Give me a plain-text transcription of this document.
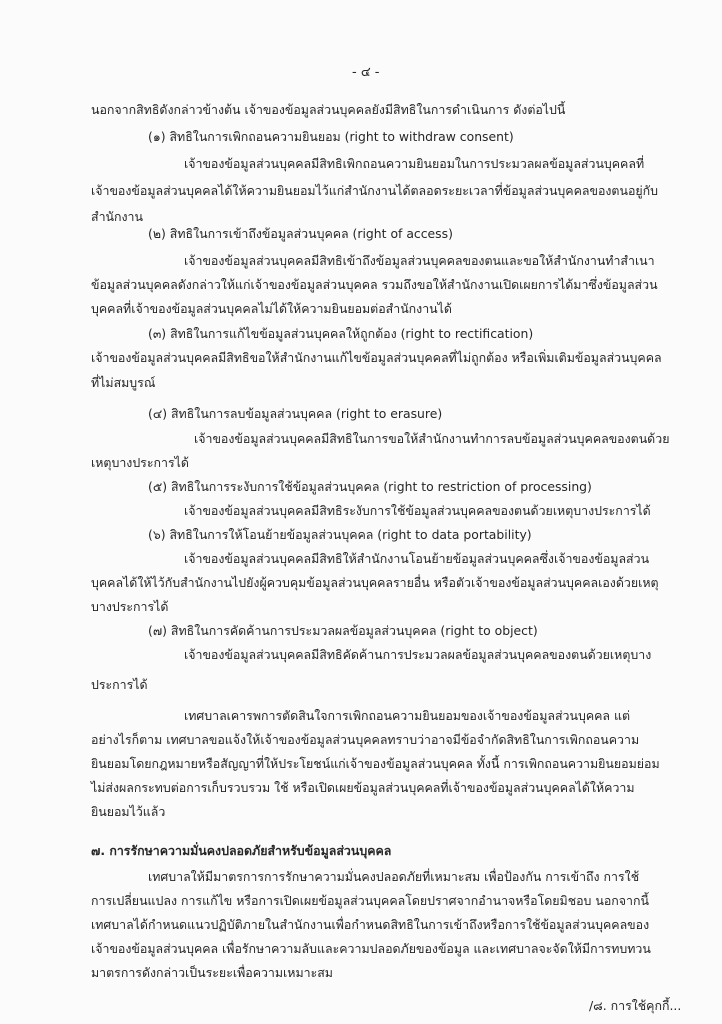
- ๔ -
นอกจากสิทธิดังกล่าวข้างต้น เจ้าของข้อมูลส่วนบุคคลยังมีสิทธิในการดำเนินการ ดังต่อไปนี้
(๑) สิทธิในการเพิกถอนความยินยอม (right to withdraw consent)
เจ้าของข้อมูลส่วนบุคคลมีสิทธิเพิกถอนความยินยอมในการประมวลผลข้อมูลส่วนบุคคลที่
เจ้าของข้อมูลส่วนบุคคลได้ให้ความยินยอมไว้แก่สำนักงานได้ตลอดระยะเวลาที่ข้อมูลส่วนบุคคลของตนอยู่กับ
สำนักงาน
(๒) สิทธิในการเข้าถึงข้อมูลส่วนบุคคล (right of access)
เจ้าของข้อมูลส่วนบุคคลมีสิทธิเข้าถึงข้อมูลส่วนบุคคลของตนและขอให้สำนักงานทำสำเนา
ข้อมูลส่วนบุคคลดังกล่าวให้แก่เจ้าของข้อมูลส่วนบุคคล รวมถึงขอให้สำนักงานเปิดเผยการได้มาซึ่งข้อมูลส่วน
บุคคลที่เจ้าของข้อมูลส่วนบุคคลไม่ได้ให้ความยินยอมต่อสำนักงานได้
(๓) สิทธิในการแก้ไขข้อมูลส่วนบุคคลให้ถูกต้อง (right to rectification)
เจ้าของข้อมูลส่วนบุคคลมีสิทธิขอให้สำนักงานแก้ไขข้อมูลส่วนบุคคลที่ไม่ถูกต้อง หรือเพิ่มเติมข้อมูลส่วนบุคคล
ที่ไม่สมบูรณ์
(๔) สิทธิในการลบข้อมูลส่วนบุคคล (right to erasure)
เจ้าของข้อมูลส่วนบุคคลมีสิทธิในการขอให้สำนักงานทำการลบข้อมูลส่วนบุคคลของตนด้วย
เหตุบางประการได้
(๕) สิทธิในการระงับการใช้ข้อมูลส่วนบุคคล (right to restriction of processing)
เจ้าของข้อมูลส่วนบุคคลมีสิทธิระงับการใช้ข้อมูลส่วนบุคคลของตนด้วยเหตุบางประการได้
(๖) สิทธิในการให้โอนย้ายข้อมูลส่วนบุคคล (right to data portability)
เจ้าของข้อมูลส่วนบุคคลมีสิทธิให้สำนักงานโอนย้ายข้อมูลส่วนบุคคลซึ่งเจ้าของข้อมูลส่วน
บุคคลได้ให้ไว้กับสำนักงานไปยังผู้ควบคุมข้อมูลส่วนบุคคลรายอื่น หรือตัวเจ้าของข้อมูลส่วนบุคคลเองด้วยเหตุ
บางประการได้
(๗) สิทธิในการคัดค้านการประมวลผลข้อมูลส่วนบุคคล (right to object)
เจ้าของข้อมูลส่วนบุคคลมีสิทธิคัดค้านการประมวลผลข้อมูลส่วนบุคคลของตนด้วยเหตุบาง
ประการได้
เทศบาลเคารพการตัดสินใจการเพิกถอนความยินยอมของเจ้าของข้อมูลส่วนบุคคล แต่
อย่างไรก็ตาม เทศบาลขอแจ้งให้เจ้าของข้อมูลส่วนบุคคลทราบว่าอาจมีข้อจำกัดสิทธิในการเพิกถอนความ
ยินยอมโดยกฎหมายหรือสัญญาที่ให้ประโยชน์แก่เจ้าของข้อมูลส่วนบุคคล ทั้งนี้ การเพิกถอนความยินยอมย่อม
ไม่ส่งผลกระทบต่อการเก็บรวบรวม ใช้ หรือเปิดเผยข้อมูลส่วนบุคคลที่เจ้าของข้อมูลส่วนบุคคลได้ให้ความ
ยินยอมไว้แล้ว
๗. การรักษาความมั่นคงปลอดภัยสำหรับข้อมูลส่วนบุคคล
เทศบาลให้มีมาตรการการรักษาความมั่นคงปลอดภัยที่เหมาะสม เพื่อป้องกัน การเข้าถึง การใช้
การเปลี่ยนแปลง การแก้ไข หรือการเปิดเผยข้อมูลส่วนบุคคลโดยปราศจากอำนาจหรือโดยมิชอบ นอกจากนี้
เทศบาลได้กำหนดแนวปฏิบัติภายในสำนักงานเพื่อกำหนดสิทธิในการเข้าถึงหรือการใช้ข้อมูลส่วนบุคคลของ
เจ้าของข้อมูลส่วนบุคคล เพื่อรักษาความลับและความปลอดภัยของข้อมูล และเทศบาลจะจัดให้มีการทบทวน
มาตรการดังกล่าวเป็นระยะเพื่อความเหมาะสม
/๘. การใช้คุกกี้...
